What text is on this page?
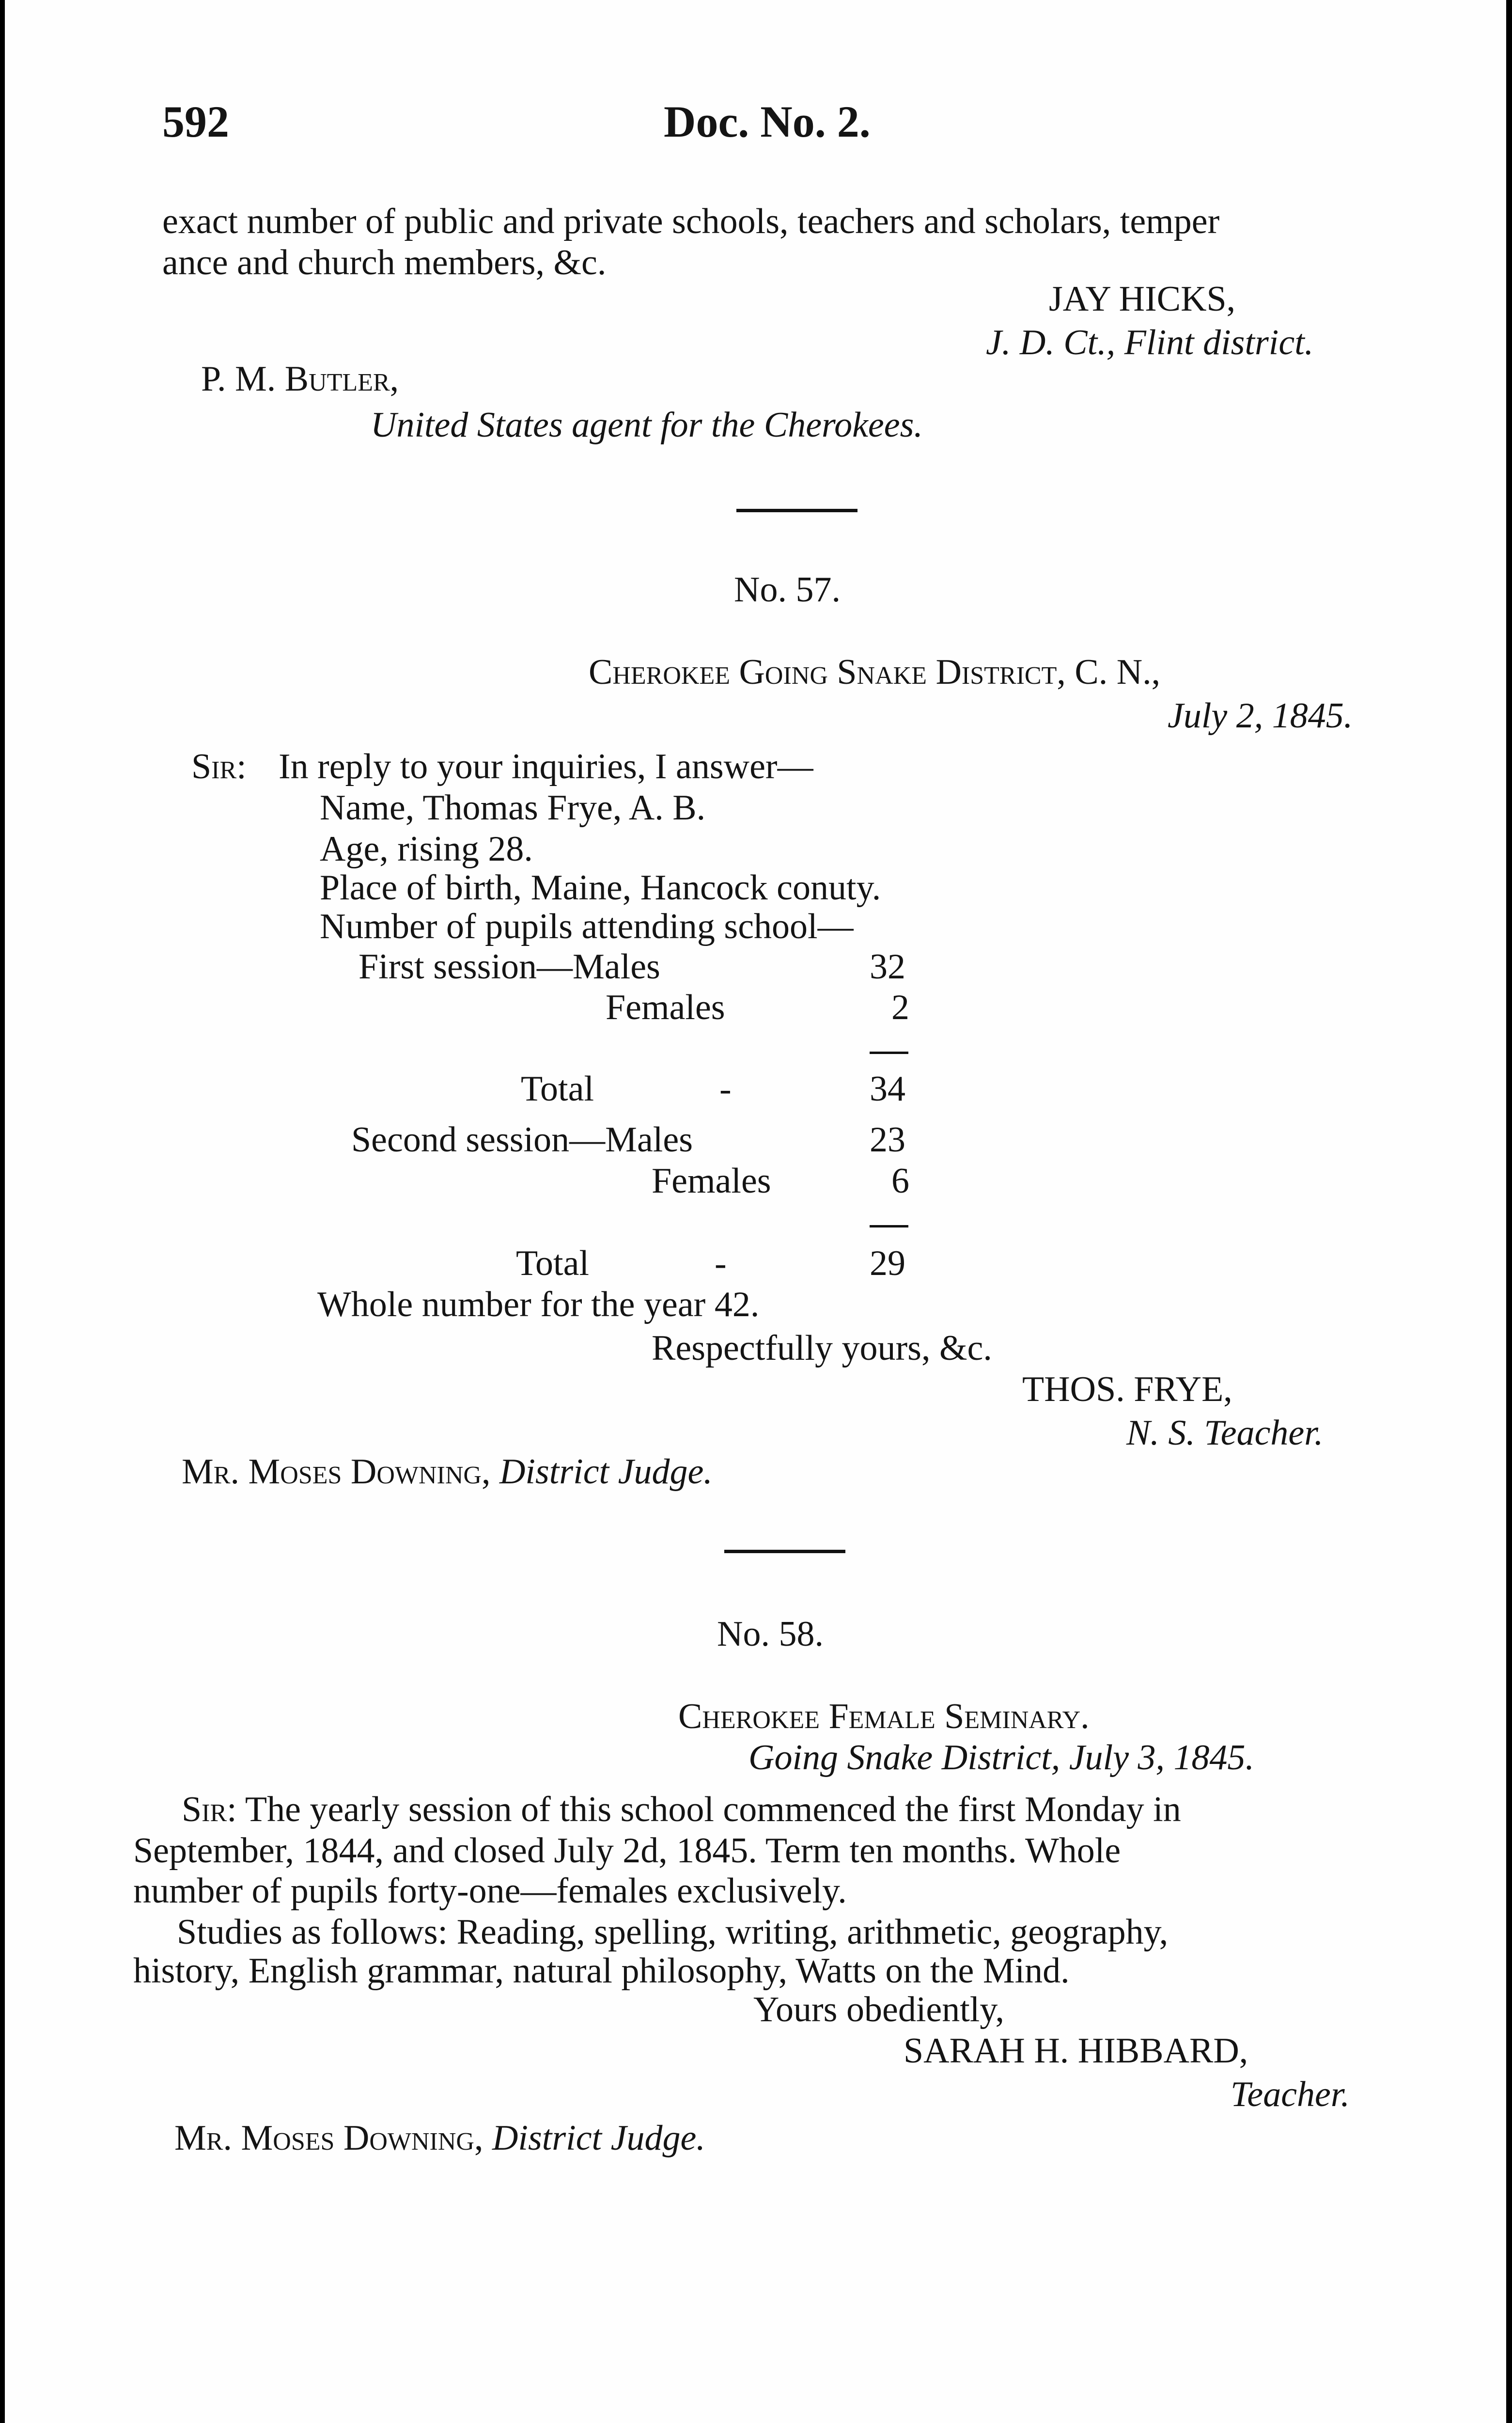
592	Doc. No. 2.
exact number of public and private schools, teachers and scholars, temper
ance and church members, &c.
JAY HICKS,
J. D. Ct., Flint district.
P. M. Butler,
United States agent for the Cherokees.
No. 57.
Cherokee Going Snake District, C. N.,
July 2, 1845.
Sir: In reply to your inquiries, I answer—
Name, Thomas Frye, A. B.
Age, rising 28.
Place of birth, Maine, Hancock conuty.
Number of pupils attending school—
First session—Males	32
Females	2
Total	-	34
Second session—Males	23
Females	6
Total	-	29
Whole number for the year 42.
Respectfully yours, &c.
THOS. FRYE,
N. S. Teacher.
Mr. Moses Downing, District Judge.
No. 58.
Cherokee Female Seminary.
Going Snake District, July 3, 1845.
Sir: The yearly session of this school commenced the first Monday in
September, 1844, and closed July 2d, 1845. Term ten months. Whole
number of pupils forty-one—females exclusively.
Studies as follows: Reading, spelling, writing, arithmetic, geography,
history, English grammar, natural philosophy, Watts on the Mind.
Yours obediently,
SARAH H. HIBBARD,
Teacher.
Mr. Moses Downing, District Judge.
